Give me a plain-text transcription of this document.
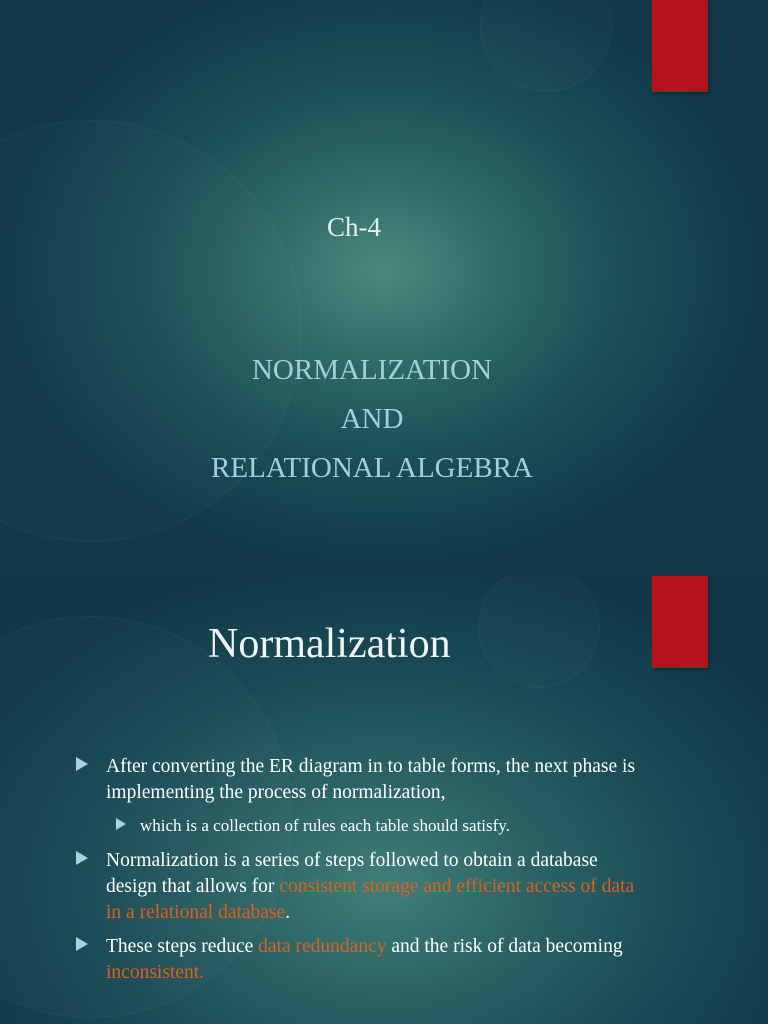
Ch-4
NORMALIZATION
AND
RELATIONAL ALGEBRA
Normalization
After converting the ER diagram in to table forms, the next phase is implementing the process of normalization,
which is a collection of rules each table should satisfy.
Normalization is a series of steps followed to obtain a database design that allows for consistent storage and efficient access of data in a relational database.
These steps reduce data redundancy and the risk of data becoming inconsistent.
